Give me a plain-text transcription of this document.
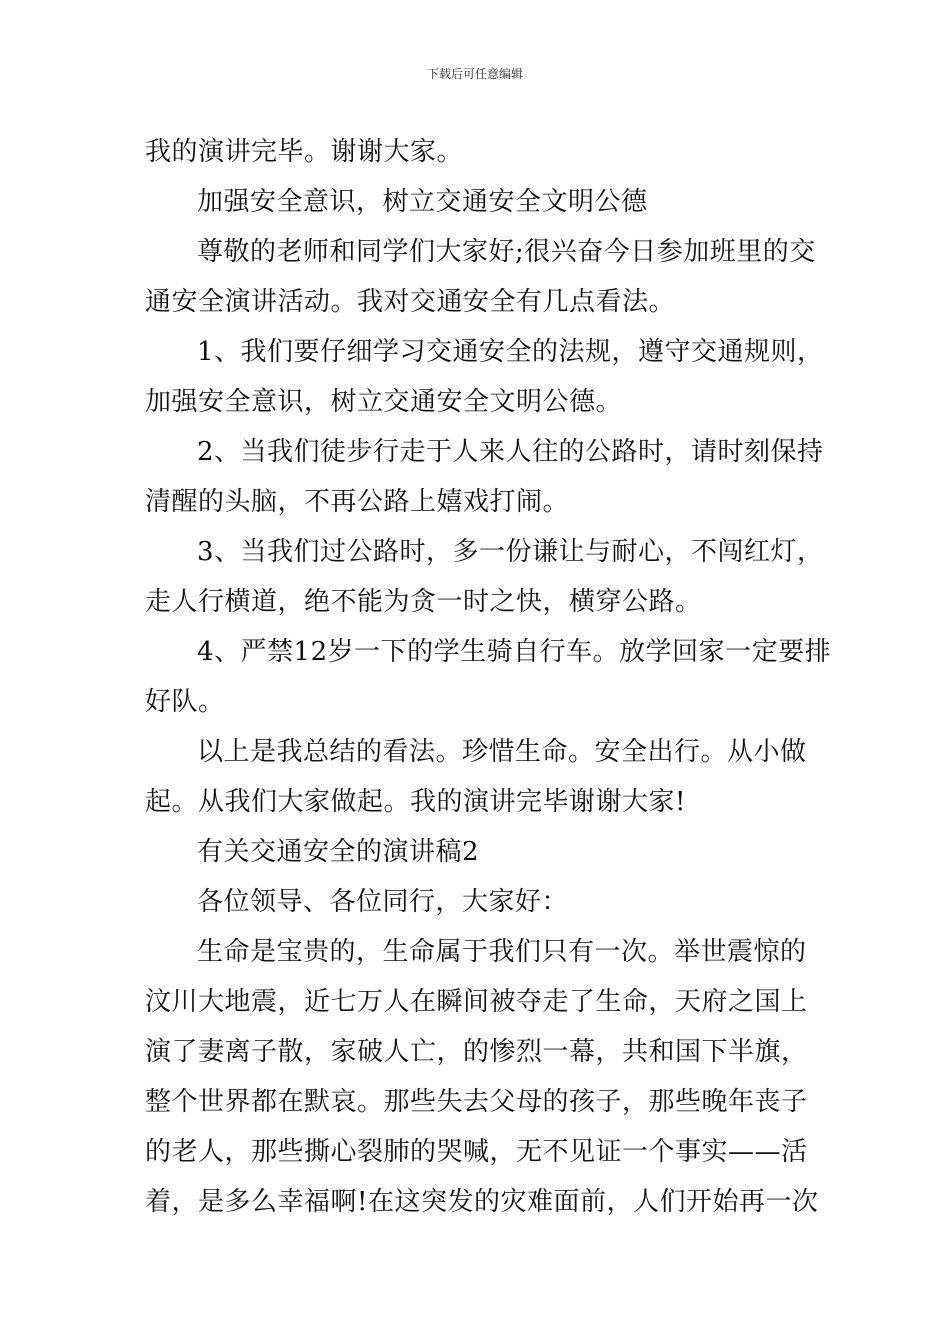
下载后可任意编辑

我的演讲完毕。谢谢大家。

加强安全意识，树立交通安全文明公德

尊敬的老师和同学们大家好;很兴奋今日参加班里的交

通安全演讲活动。我对交通安全有几点看法。

1、我们要仔细学习交通安全的法规，遵守交通规则，

加强安全意识，树立交通安全文明公德。

2、当我们徒步行走于人来人往的公路时，请时刻保持

清醒的头脑，不再公路上嬉戏打闹。

3、当我们过公路时，多一份谦让与耐心，不闯红灯，

走人行横道，绝不能为贪一时之快，横穿公路。

4、严禁12岁一下的学生骑自行车。放学回家一定要排

好队。

以上是我总结的看法。珍惜生命。安全出行。从小做

起。从我们大家做起。我的演讲完毕谢谢大家!

有关交通安全的演讲稿2

各位领导、各位同行，大家好：

生命是宝贵的，生命属于我们只有一次。举世震惊的

汶川大地震，近七万人在瞬间被夺走了生命，天府之国上

演了妻离子散，家破人亡，的惨烈一幕，共和国下半旗，

整个世界都在默哀。那些失去父母的孩子，那些晚年丧子

的老人，那些撕心裂肺的哭喊，无不见证一个事实——活

着，是多么幸福啊!在这突发的灾难面前，人们开始再一次
